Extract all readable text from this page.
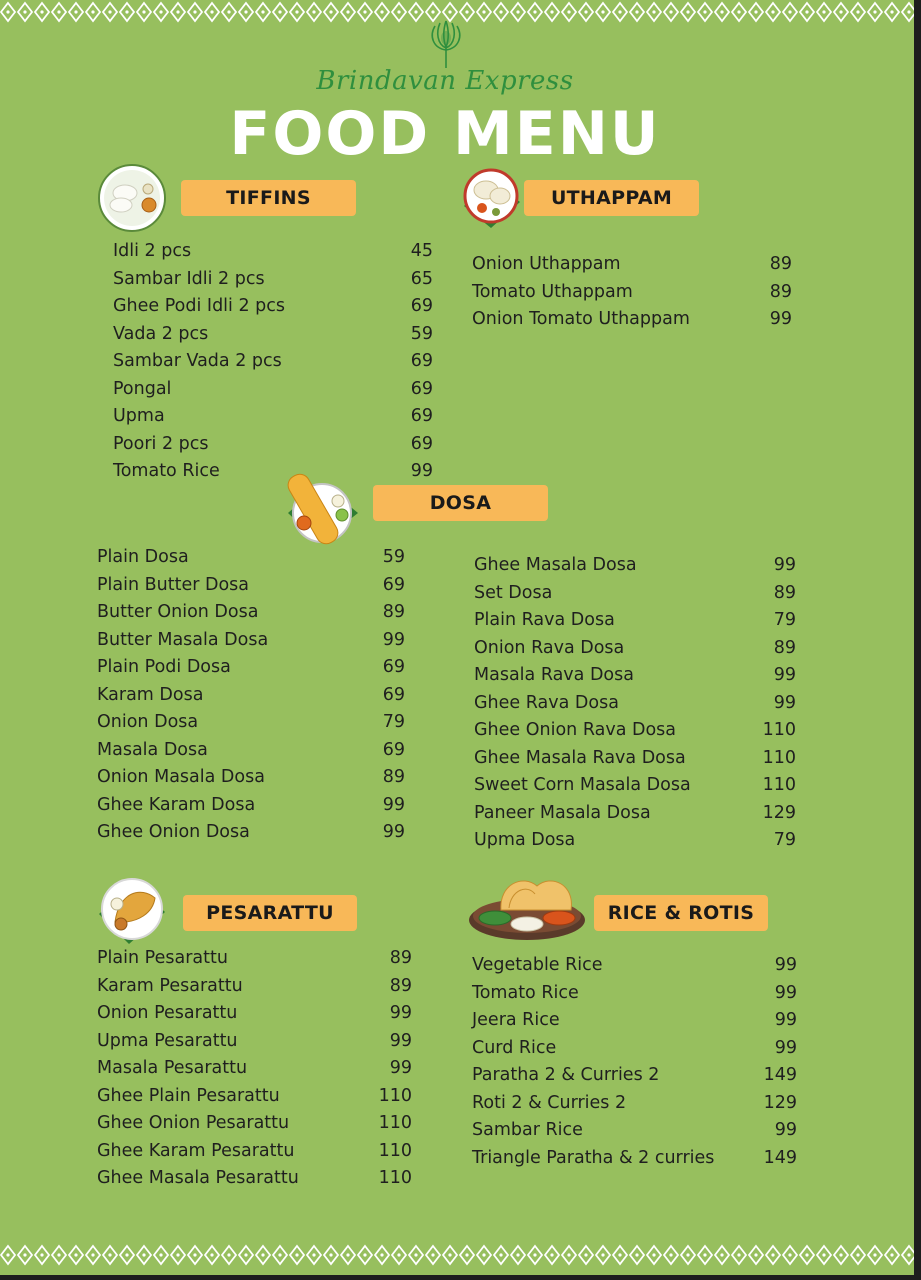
Brindavan Express
FOOD MENU
TIFFINS
Idli 2 pcs	45
Sambar Idli 2 pcs	65
Ghee Podi Idli 2 pcs	69
Vada 2 pcs	59
Sambar Vada 2 pcs	69
Pongal	69
Upma	69
Poori 2 pcs	69
Tomato Rice	99
UTHAPPAM
Onion Uthappam	89
Tomato Uthappam	89
Onion Tomato Uthappam	99
DOSA
Plain Dosa	59
Plain Butter Dosa	69
Butter Onion Dosa	89
Butter Masala Dosa	99
Plain Podi Dosa	69
Karam Dosa	69
Onion Dosa	79
Masala Dosa	69
Onion Masala Dosa	89
Ghee Karam Dosa	99
Ghee Onion Dosa	99
Ghee Masala Dosa	99
Set Dosa	89
Plain Rava Dosa	79
Onion Rava Dosa	89
Masala Rava Dosa	99
Ghee Rava Dosa	99
Ghee Onion Rava Dosa	110
Ghee Masala Rava Dosa	110
Sweet Corn Masala Dosa	110
Paneer Masala Dosa	129
Upma Dosa	79
PESARATTU
Plain Pesarattu	89
Karam Pesarattu	89
Onion Pesarattu	99
Upma Pesarattu	99
Masala Pesarattu	99
Ghee Plain Pesarattu	110
Ghee Onion Pesarattu	110
Ghee Karam Pesarattu	110
Ghee Masala Pesarattu	110
RICE & ROTIS
Vegetable Rice	99
Tomato Rice	99
Jeera Rice	99
Curd Rice	99
Paratha 2 & Curries 2	149
Roti 2 & Curries 2	129
Sambar Rice	99
Triangle Paratha & 2 curries	149
